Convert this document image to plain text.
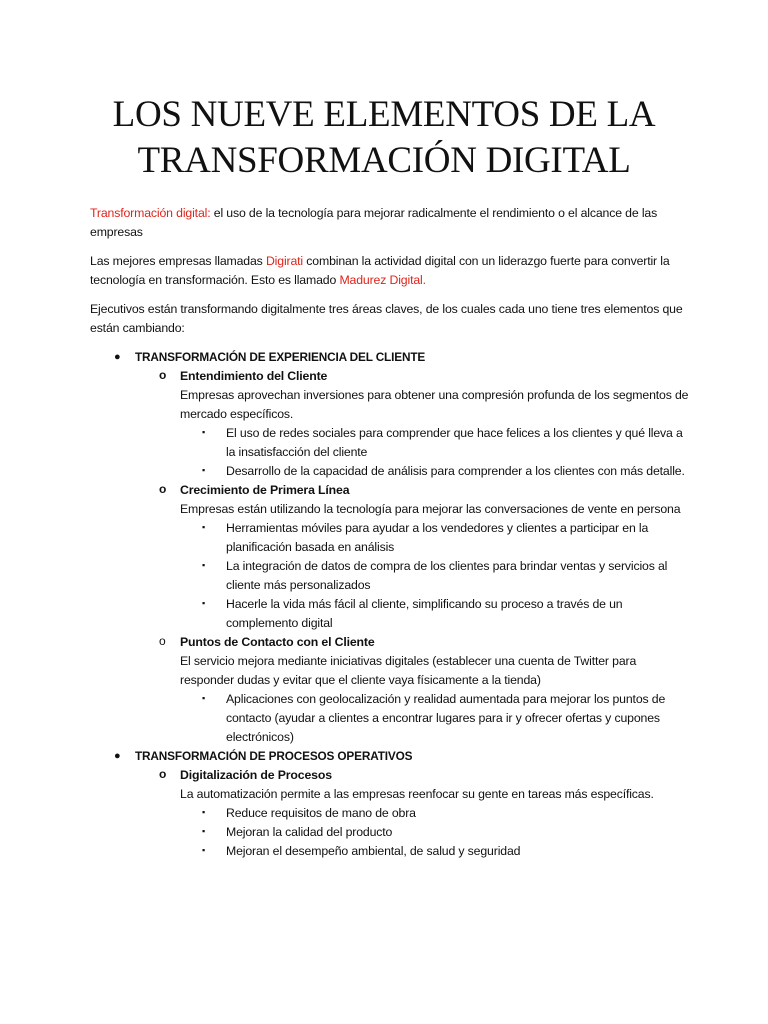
LOS NUEVE ELEMENTOS DE LA
TRANSFORMACIÓN DIGITAL

Transformación digital: el uso de la tecnología para mejorar radicalmente el rendimiento o el alcance de las empresas

Las mejores empresas llamadas Digirati combinan la actividad digital con un liderazgo fuerte para convertir la tecnología en transformación. Esto es llamado Madurez Digital.

Ejecutivos están transformando digitalmente tres áreas claves, de los cuales cada uno tiene tres elementos que están cambiando:

● TRANSFORMACIÓN DE EXPERIENCIA DEL CLIENTE
o Entendimiento del Cliente
Empresas aprovechan inversiones para obtener una compresión profunda de los segmentos de mercado específicos.
▪ El uso de redes sociales para comprender que hace felices a los clientes y qué lleva a la insatisfacción del cliente
▪ Desarrollo de la capacidad de análisis para comprender a los clientes con más detalle.
o Crecimiento de Primera Línea
Empresas están utilizando la tecnología para mejorar las conversaciones de vente en persona
▪ Herramientas móviles para ayudar a los vendedores y clientes a participar en la planificación basada en análisis
▪ La integración de datos de compra de los clientes para brindar ventas y servicios al cliente más personalizados
▪ Hacerle la vida más fácil al cliente, simplificando su proceso a través de un complemento digital
o Puntos de Contacto con el Cliente
El servicio mejora mediante iniciativas digitales (establecer una cuenta de Twitter para responder dudas y evitar que el cliente vaya físicamente a la tienda)
▪ Aplicaciones con geolocalización y realidad aumentada para mejorar los puntos de contacto (ayudar a clientes a encontrar lugares para ir y ofrecer ofertas y cupones electrónicos)
● TRANSFORMACIÓN DE PROCESOS OPERATIVOS
o Digitalización de Procesos
La automatización permite a las empresas reenfocar su gente en tareas más específicas.
▪ Reduce requisitos de mano de obra
▪ Mejoran la calidad del producto
▪ Mejoran el desempeño ambiental, de salud y seguridad
